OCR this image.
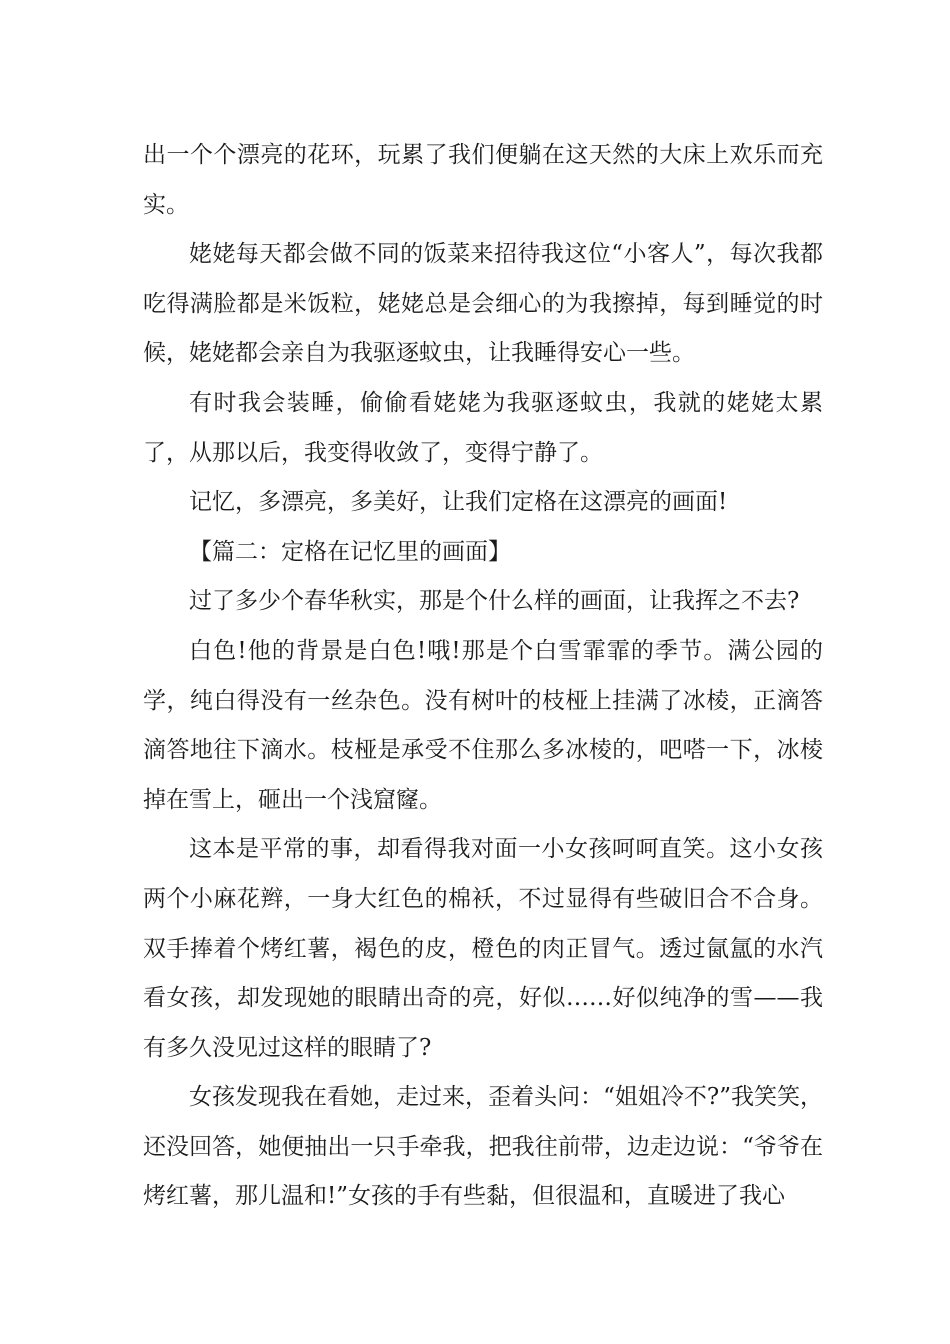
出一个个漂亮的花环，玩累了我们便躺在这天然的大床上欢乐而充实。

姥姥每天都会做不同的饭菜来招待我这位“小客人”，每次我都吃得满脸都是米饭粒，姥姥总是会细心的为我擦掉，每到睡觉的时候，姥姥都会亲自为我驱逐蚊虫，让我睡得安心一些。

有时我会装睡，偷偷看姥姥为我驱逐蚊虫，我就的姥姥太累了，从那以后，我变得收敛了，变得宁静了。

记忆，多漂亮，多美好，让我们定格在这漂亮的画面!

【篇二：定格在记忆里的画面】

过了多少个春华秋实，那是个什么样的画面，让我挥之不去?

白色!他的背景是白色!哦!那是个白雪霏霏的季节。满公园的学，纯白得没有一丝杂色。没有树叶的枝桠上挂满了冰棱，正滴答滴答地往下滴水。枝桠是承受不住那么多冰棱的，吧嗒一下，冰棱掉在雪上，砸出一个浅窟窿。

这本是平常的事，却看得我对面一小女孩呵呵直笑。这小女孩两个小麻花辫，一身大红色的棉袄，不过显得有些破旧合不合身。双手捧着个烤红薯，褐色的皮，橙色的肉正冒气。透过氤氲的水汽看女孩，却发现她的眼睛出奇的亮，好似……好似纯净的雪——我有多久没见过这样的眼睛了?

女孩发现我在看她，走过来，歪着头问：“姐姐冷不?”我笑笑，还没回答，她便抽出一只手牵我，把我往前带，边走边说：“爷爷在烤红薯，那儿温和!”女孩的手有些黏，但很温和，直暖进了我心
